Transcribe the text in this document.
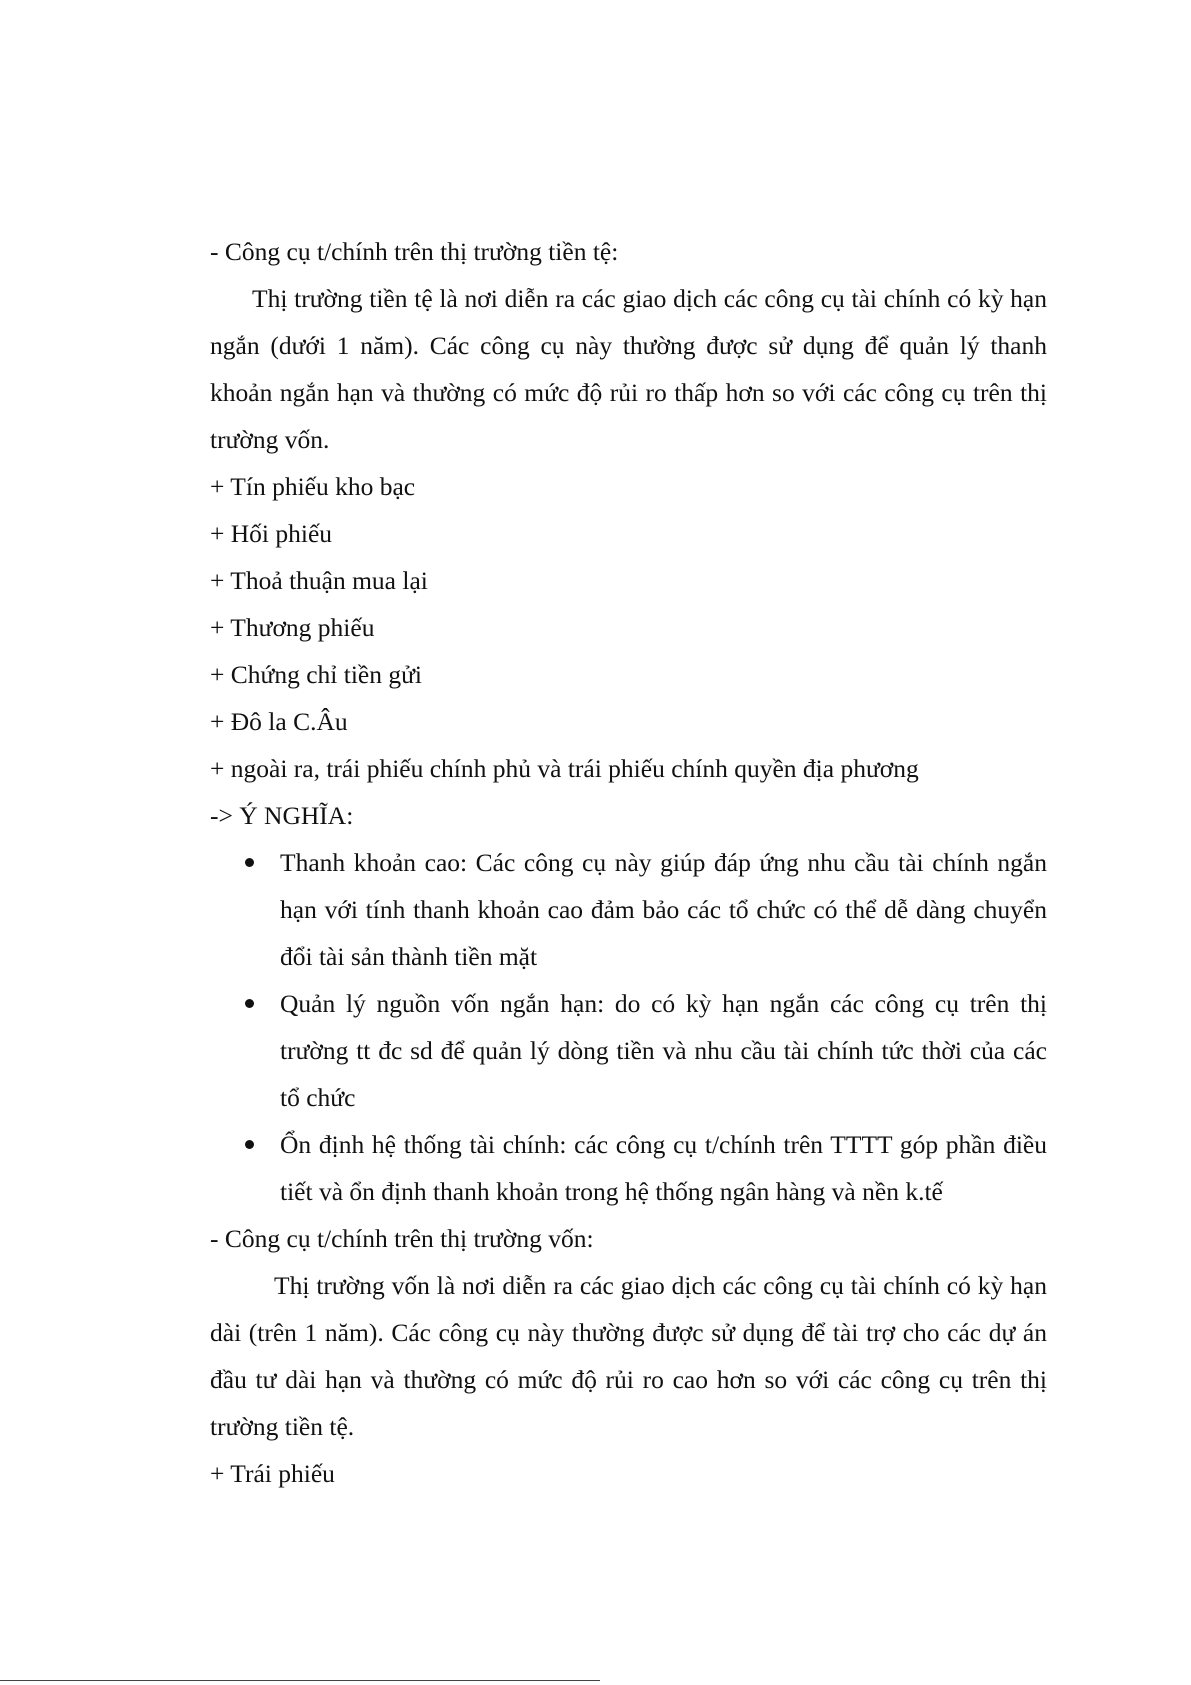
- Công cụ t/chính trên thị trường tiền tệ:

Thị trường tiền tệ là nơi diễn ra các giao dịch các công cụ tài chính có kỳ hạn ngắn (dưới 1 năm). Các công cụ này thường được sử dụng để quản lý thanh khoản ngắn hạn và thường có mức độ rủi ro thấp hơn so với các công cụ trên thị trường vốn.

+ Tín phiếu kho bạc

+ Hối phiếu

+ Thoả thuận mua lại

+ Thương phiếu

+ Chứng chỉ tiền gửi

+ Đô la C.Âu

+ ngoài ra, trái phiếu chính phủ và trái phiếu chính quyền địa phương

-> Ý NGHĨA:

Thanh khoản cao: Các công cụ này giúp đáp ứng nhu cầu tài chính ngắn hạn với tính thanh khoản cao đảm bảo các tổ chức có thể dễ dàng chuyển đổi tài sản thành tiền mặt
Quản lý nguồn vốn ngắn hạn: do có kỳ hạn ngắn các công cụ trên thị trường tt đc sd để quản lý dòng tiền và nhu cầu tài chính tức thời của các tổ chức
Ổn định hệ thống tài chính: các công cụ t/chính trên TTTT góp phần điều tiết và ổn định thanh khoản trong hệ thống ngân hàng và nền k.tế

- Công cụ t/chính trên thị trường vốn:

Thị trường vốn là nơi diễn ra các giao dịch các công cụ tài chính có kỳ hạn dài (trên 1 năm). Các công cụ này thường được sử dụng để tài trợ cho các dự án đầu tư dài hạn và thường có mức độ rủi ro cao hơn so với các công cụ trên thị trường tiền tệ.

+ Trái phiếu
